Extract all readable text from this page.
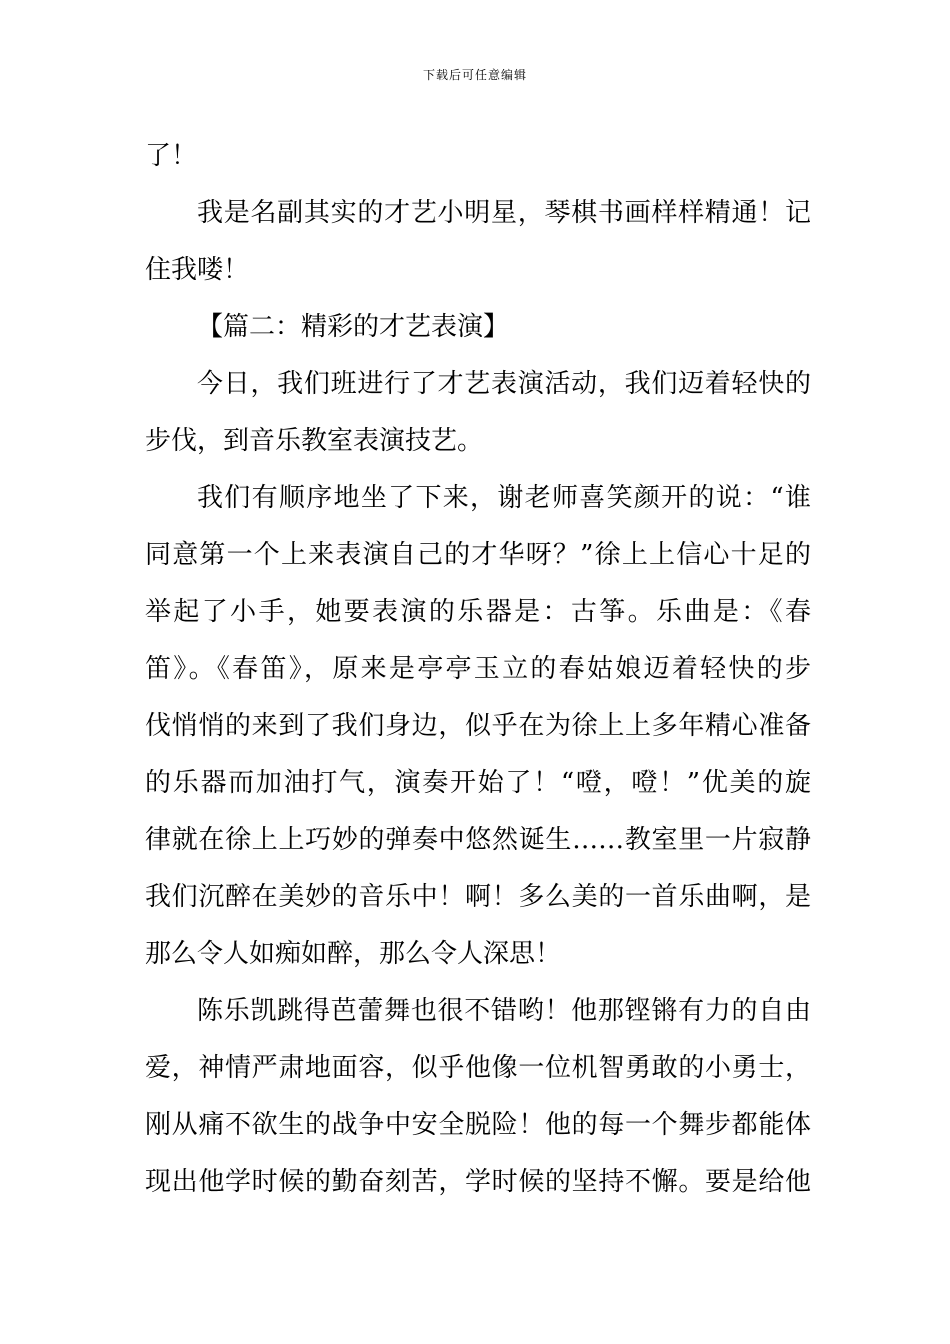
下载后可任意编辑
了！
我是名副其实的才艺小明星，琴棋书画样样精通！记
住我喽！
【篇二：精彩的才艺表演】
今日，我们班进行了才艺表演活动，我们迈着轻快的
步伐，到音乐教室表演技艺。
我们有顺序地坐了下来，谢老师喜笑颜开的说：“谁
同意第一个上来表演自己的才华呀？”徐上上信心十足的
举起了小手，她要表演的乐器是：古筝。乐曲是：《春
笛》。《春笛》，原来是亭亭玉立的春姑娘迈着轻快的步
伐悄悄的来到了我们身边，似乎在为徐上上多年精心准备
的乐器而加油打气，演奏开始了！“噔，噔！”优美的旋
律就在徐上上巧妙的弹奏中悠然诞生……教室里一片寂静
我们沉醉在美妙的音乐中！啊！多么美的一首乐曲啊，是
那么令人如痴如醉，那么令人深思！
陈乐凯跳得芭蕾舞也很不错哟！他那铿锵有力的自由
爱，神情严肃地面容，似乎他像一位机智勇敢的小勇士，
刚从痛不欲生的战争中安全脱险！他的每一个舞步都能体
现出他学时候的勤奋刻苦，学时候的坚持不懈。要是给他
